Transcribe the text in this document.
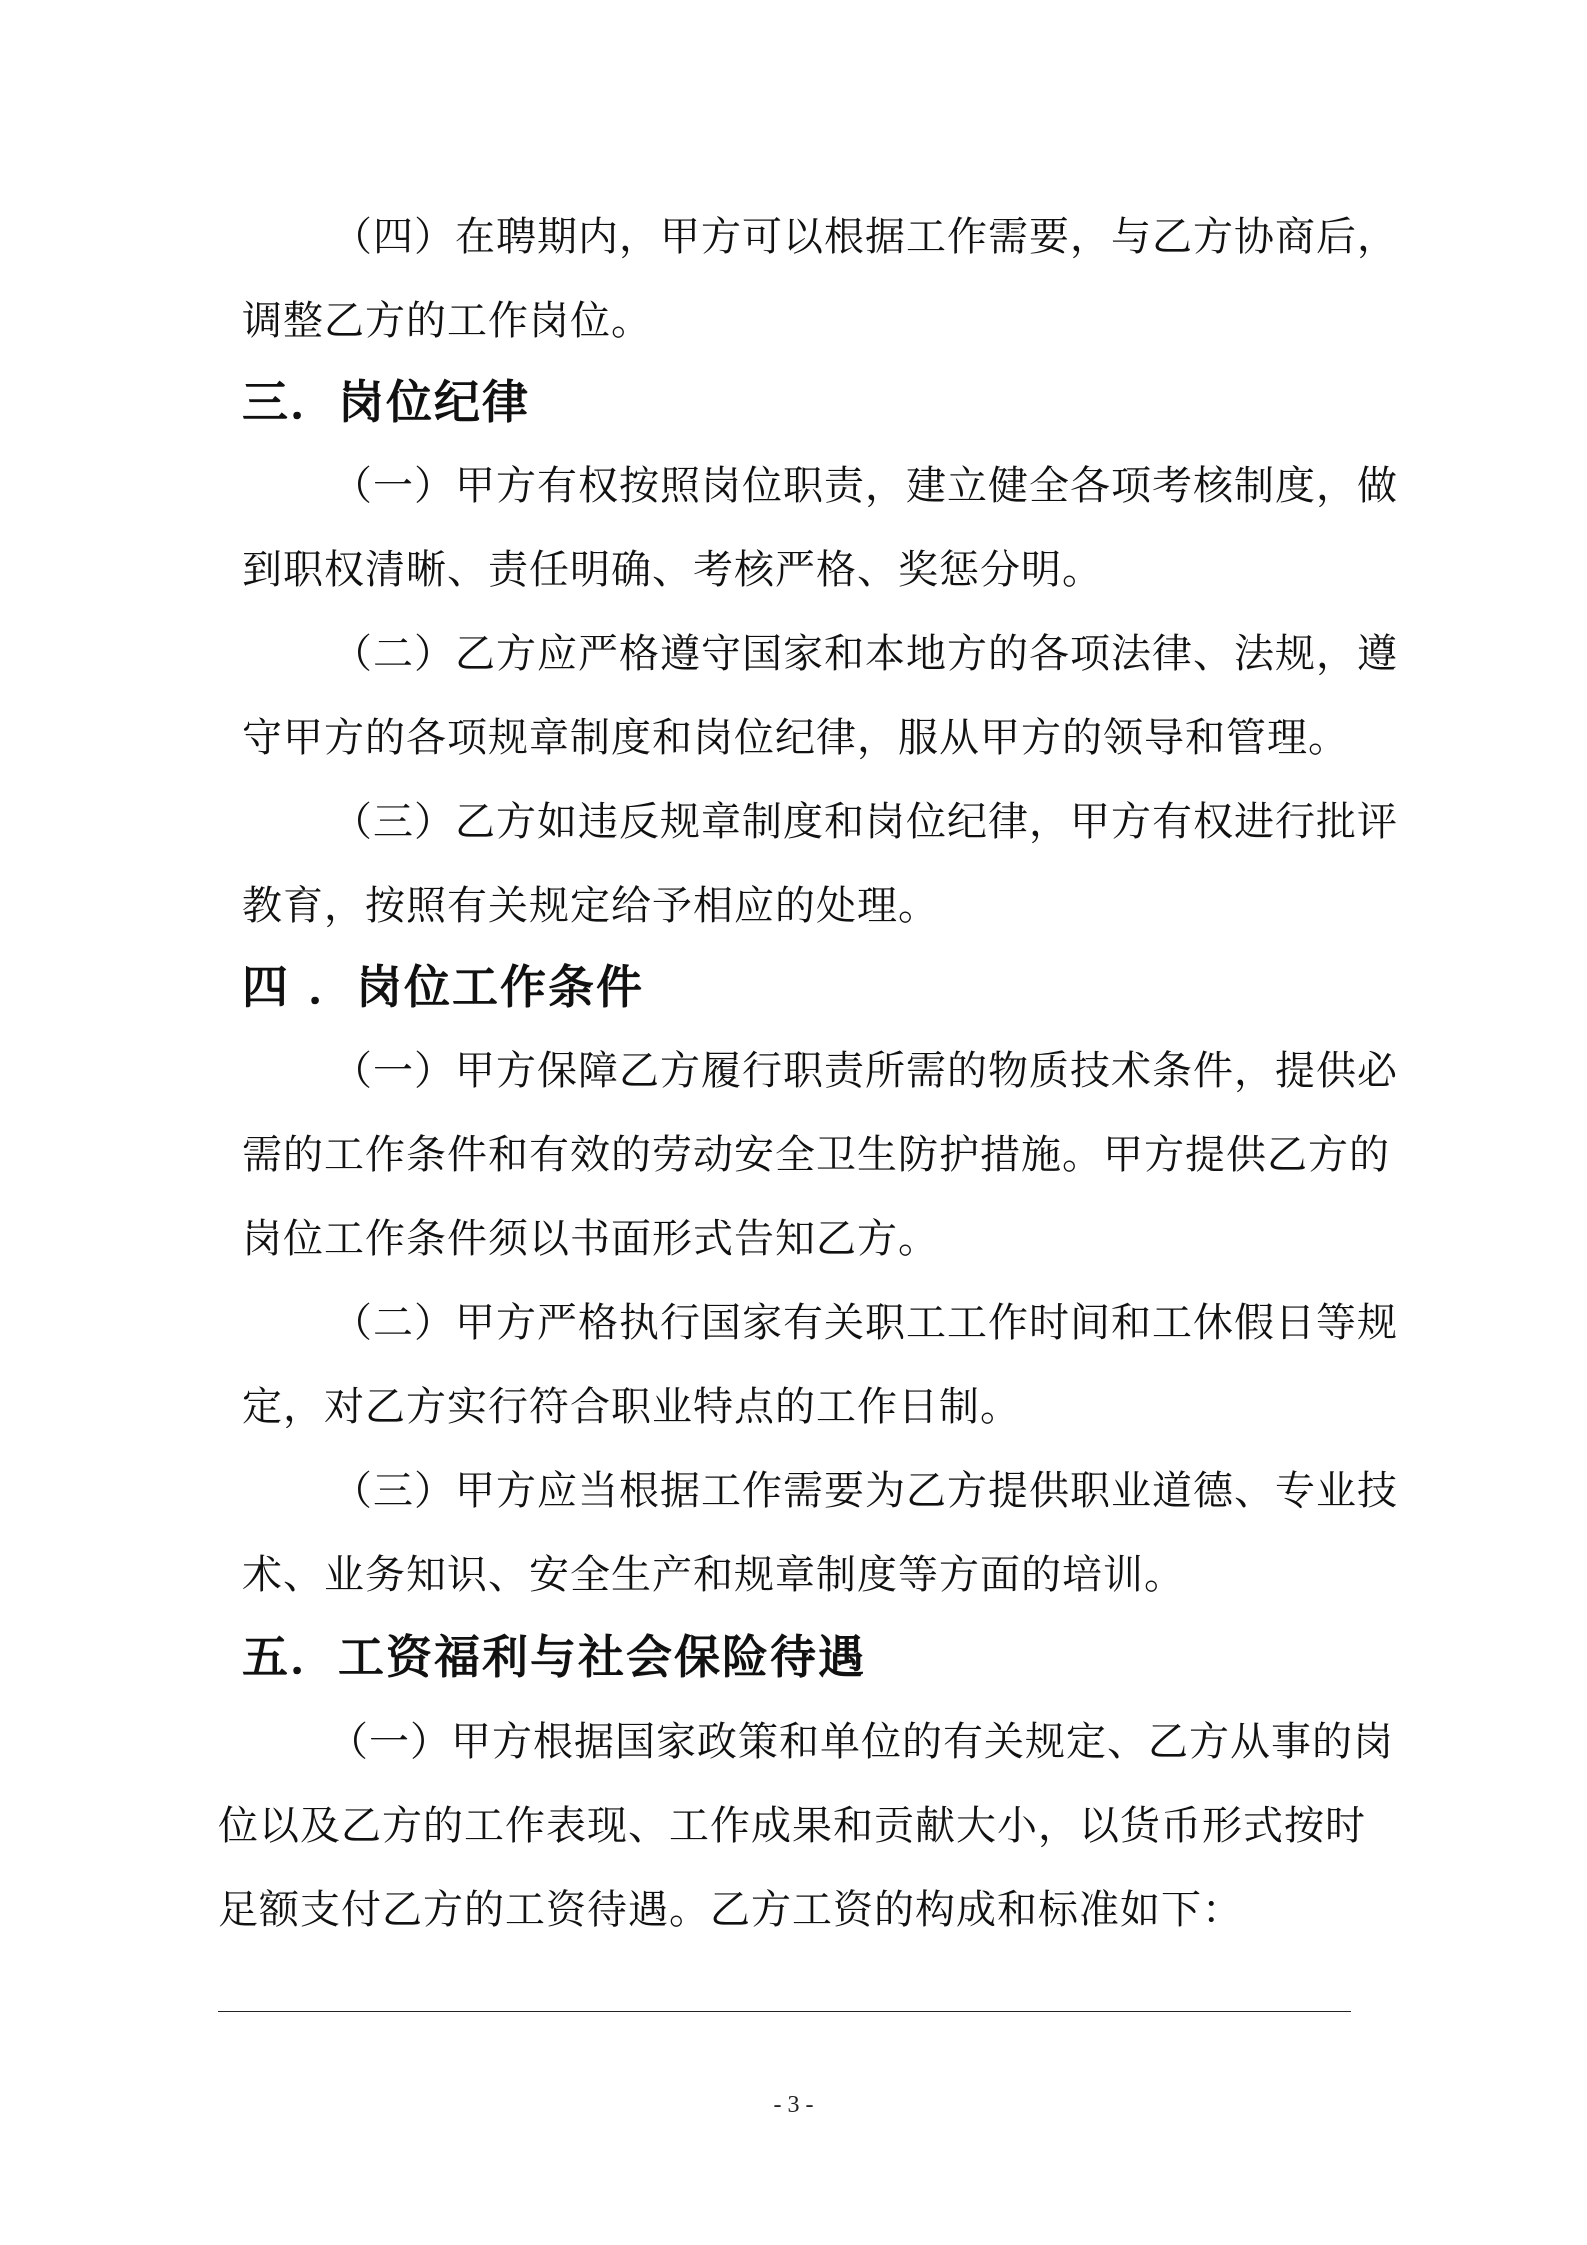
（四）在聘期内，甲方可以根据工作需要，与乙方协商后，

调整乙方的工作岗位。

三．岗位纪律

（一）甲方有权按照岗位职责，建立健全各项考核制度，做

到职权清晰、责任明确、考核严格、奖惩分明。

（二）乙方应严格遵守国家和本地方的各项法律、法规，遵

守甲方的各项规章制度和岗位纪律，服从甲方的领导和管理。

（三）乙方如违反规章制度和岗位纪律，甲方有权进行批评

教育，按照有关规定给予相应的处理。

四 ．岗位工作条件

（一）甲方保障乙方履行职责所需的物质技术条件，提供必

需的工作条件和有效的劳动安全卫生防护措施。甲方提供乙方的

岗位工作条件须以书面形式告知乙方。

（二）甲方严格执行国家有关职工工作时间和工休假日等规

定，对乙方实行符合职业特点的工作日制。

（三）甲方应当根据工作需要为乙方提供职业道德、专业技

术、业务知识、安全生产和规章制度等方面的培训。

五．工资福利与社会保险待遇

（一）甲方根据国家政策和单位的有关规定、乙方从事的岗

位以及乙方的工作表现、工作成果和贡献大小，以货币形式按时

足额支付乙方的工资待遇。乙方工资的构成和标准如下：

- 3 -
